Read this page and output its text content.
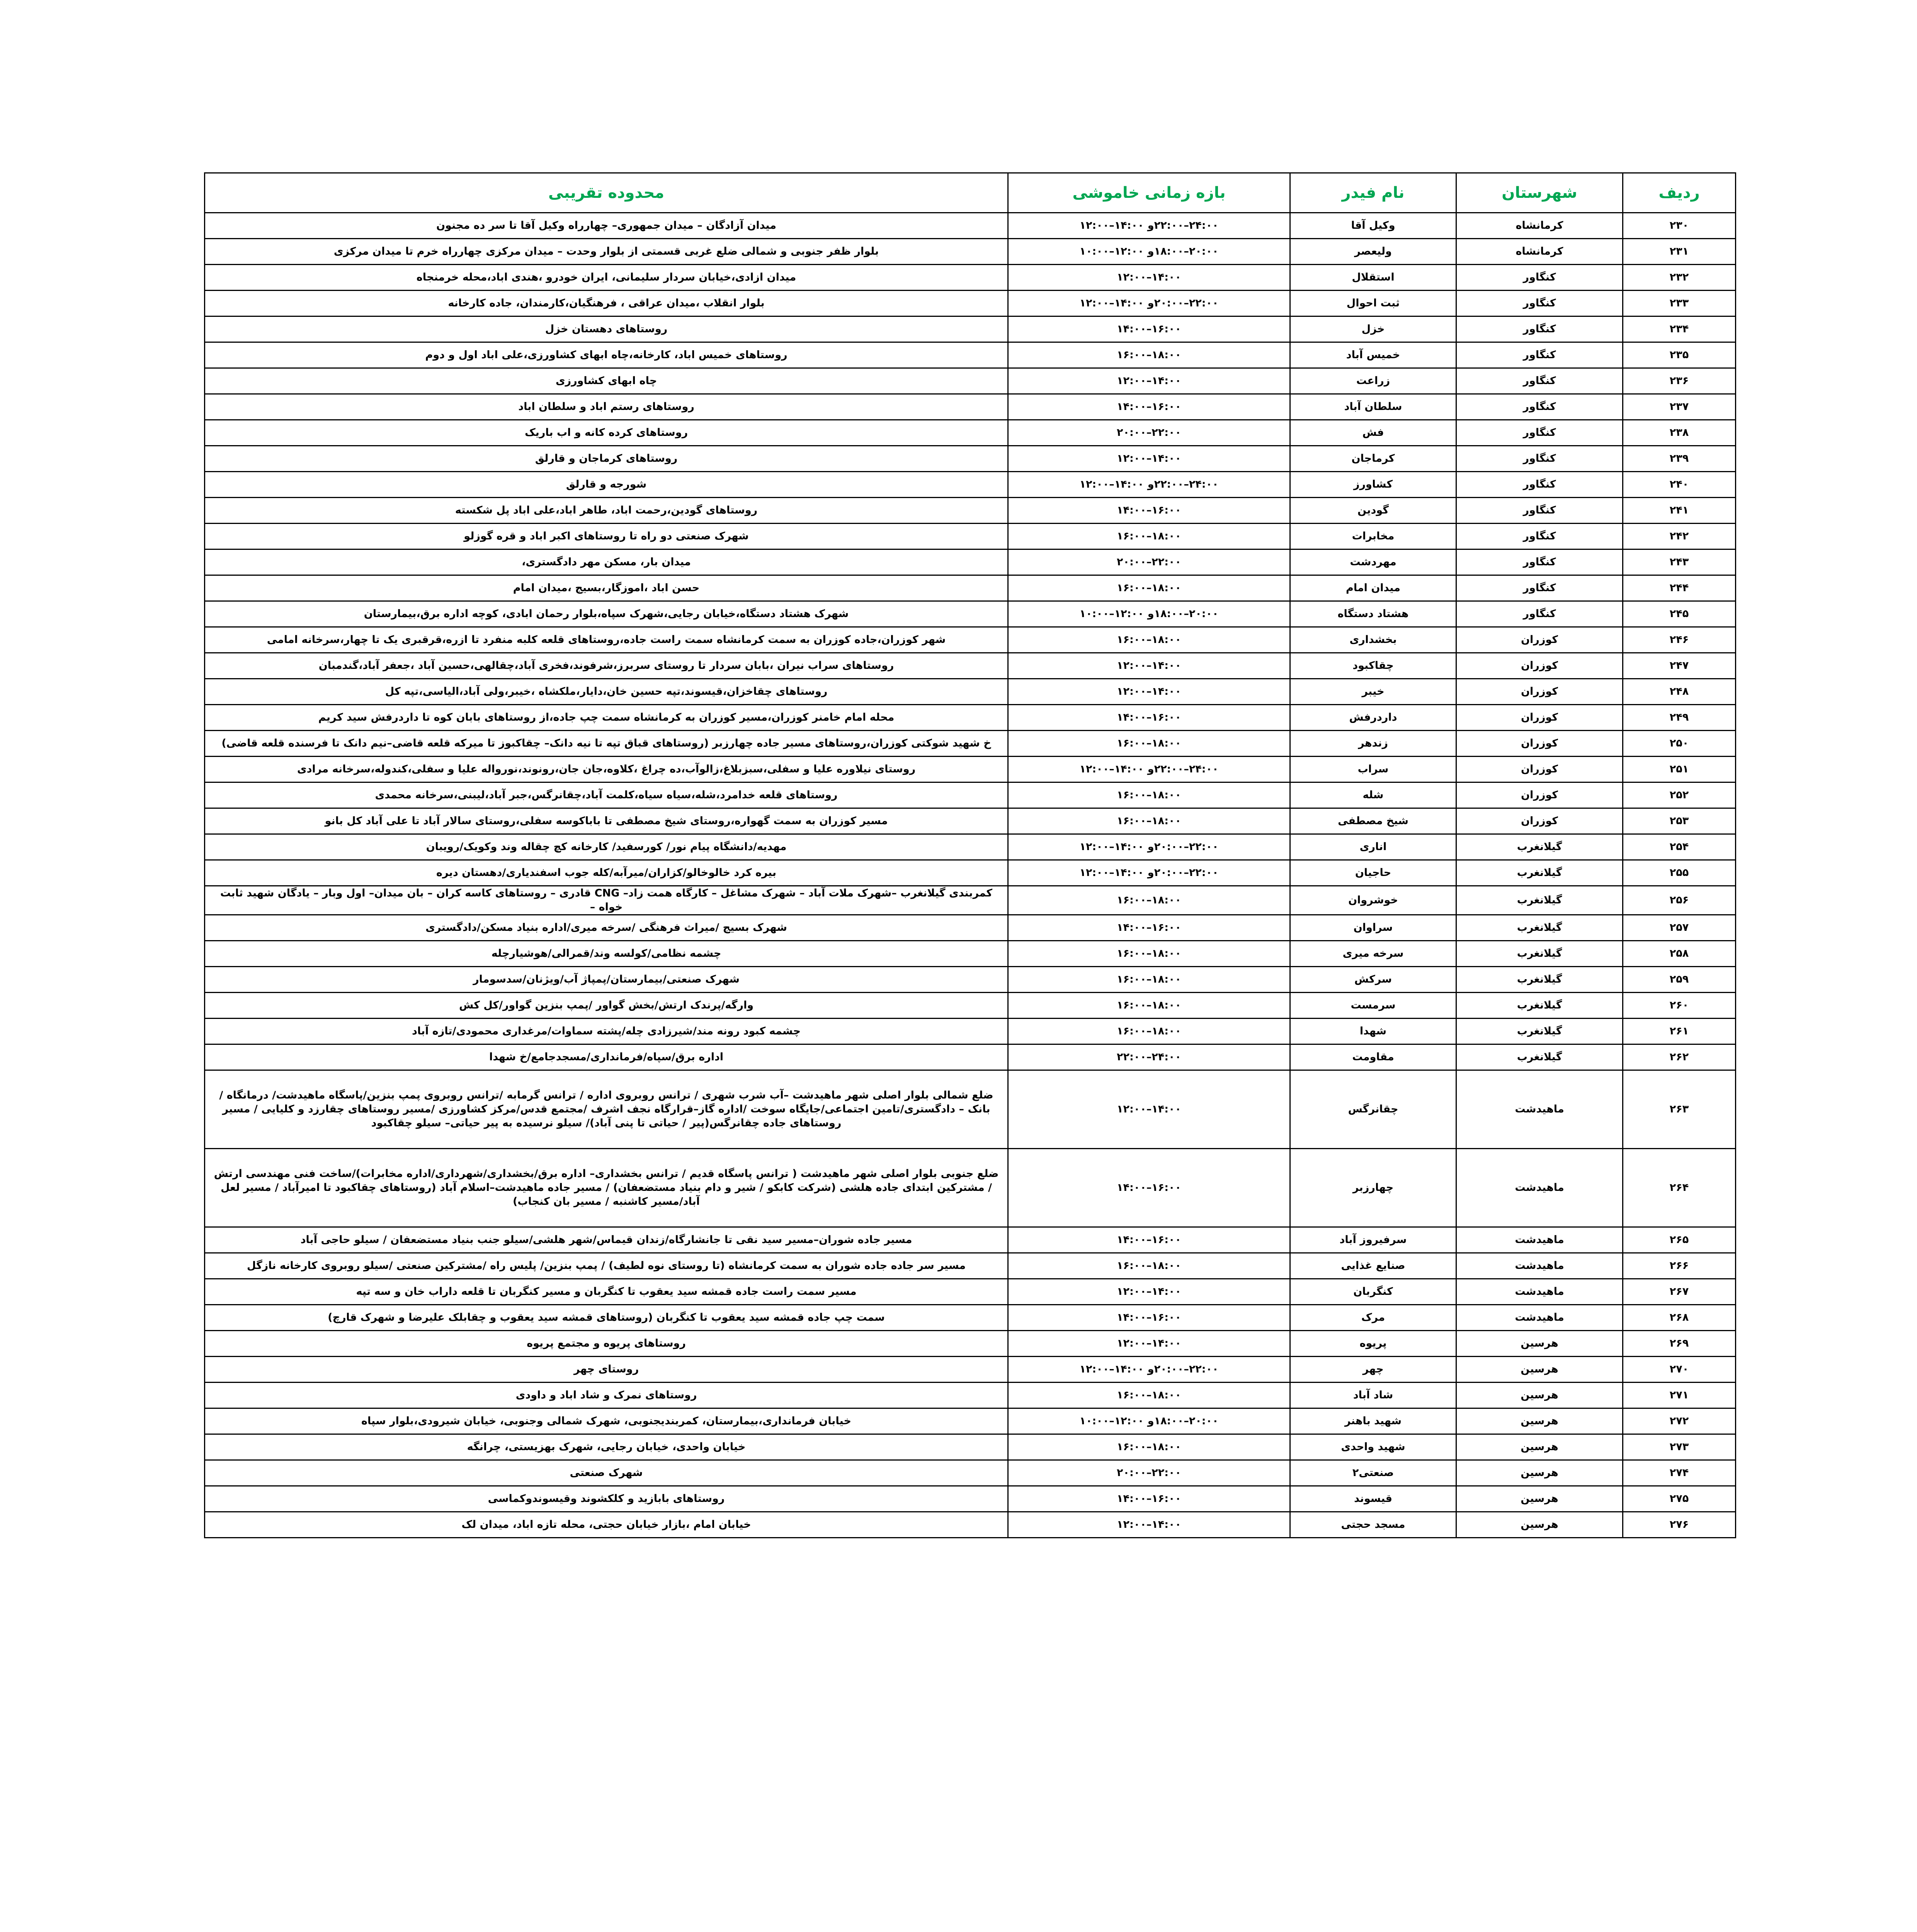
ردیف	شهرستان	نام فیدر	بازه زمانی خاموشی	محدوده تقریبی
۲۳۰	کرمانشاه	وکیل آقا	۲۴:۰۰–۲۲:۰۰و ۱۴:۰۰–۱۲:۰۰	میدان آزادگان – میدان جمهوری– چهارراه وکیل آقا تا سر ده مجنون
۲۳۱	کرمانشاه	ولیعصر	۲۰:۰۰–۱۸:۰۰و ۱۲:۰۰–۱۰:۰۰	بلوار ظفر جنوبی و شمالی ضلع غربی قسمتی از بلوار وحدت – میدان مرکزی چهارراه خرم تا میدان مرکزی
۲۳۲	کنگاور	استقلال	۱۴:۰۰–۱۲:۰۰	میدان ازادی،خیابان سردار سلیمانی، ایران خودرو ،هندی اباد،محله خرمنجاه
۲۳۳	کنگاور	ثبت احوال	۲۲:۰۰–۲۰:۰۰و ۱۴:۰۰–۱۲:۰۰	بلوار انقلاب ،میدان عراقی ، فرهنگیان،کارمندان، جاده کارخانه
۲۳۴	کنگاور	خزل	۱۶:۰۰–۱۴:۰۰	روستاهای دهستان خزل
۲۳۵	کنگاور	خمیس آباد	۱۸:۰۰–۱۶:۰۰	روستاهای خمیس اباد، کارخانه،چاه ابهای کشاورزی،علی اباد اول و دوم
۲۳۶	کنگاور	زراعت	۱۴:۰۰–۱۲:۰۰	چاه ابهای کشاورزی
۲۳۷	کنگاور	سلطان آباد	۱۶:۰۰–۱۴:۰۰	روستاهای رستم اباد و سلطان اباد
۲۳۸	کنگاور	فش	۲۲:۰۰–۲۰:۰۰	روستاهای کرده کانه و اب باریک
۲۳۹	کنگاور	کرماجان	۱۴:۰۰–۱۲:۰۰	روستاهای کرماجان و قارلق
۲۴۰	کنگاور	کشاورز	۲۴:۰۰–۲۲:۰۰و ۱۴:۰۰–۱۲:۰۰	شورجه و قارلق
۲۴۱	کنگاور	گودین	۱۶:۰۰–۱۴:۰۰	روستاهای گودین،رحمت اباد، طاهر اباد،علی اباد پل شکسته
۲۴۲	کنگاور	مخابرات	۱۸:۰۰–۱۶:۰۰	شهرک صنعتی دو راه تا روستاهای اکبر اباد و قره گوزلو
۲۴۳	کنگاور	مهردشت	۲۲:۰۰–۲۰:۰۰	میدان بار، مسکن مهر دادگستری،
۲۴۴	کنگاور	میدان امام	۱۸:۰۰–۱۶:۰۰	حسن اباد ،اموزگار،بسیج ،میدان امام
۲۴۵	کنگاور	هشتاد دستگاه	۲۰:۰۰–۱۸:۰۰و ۱۲:۰۰–۱۰:۰۰	شهرک هشتاد دستگاه،خیابان رجایی،شهرک سپاه،بلوار رحمان ابادی، کوچه اداره برق،بیمارستان
۲۴۶	کوزران	بخشداری	۱۸:۰۰–۱۶:۰۰	شهر کوزران،جاده کوزران به سمت کرمانشاه سمت راست جاده،روستاهای قلعه کلبه منفرد تا ازره،قرقبری یک تا چهار،سرخانه امامی
۲۴۷	کوزران	چقاکبود	۱۴:۰۰–۱۲:۰۰	روستاهای سراب نیران ،بابان سردار تا روستای سربرز،شرفوند،فخری آباد،چقالهی،حسین آباد ،جعفر آباد،گندمبان
۲۴۸	کوزران	خیبر	۱۴:۰۰–۱۲:۰۰	روستاهای چقاخزان،قیسوند،تپه حسین خان،دایار،ملکشاه ،خیبر،ولی آباد،الیاسی،تپه کل
۲۴۹	کوزران	داردرفش	۱۶:۰۰–۱۴:۰۰	محله امام خامنر کوزران،مسیر کوزران به کرمانشاه سمت چپ جاده،از روستاهای بابان کوه تا داردرفش سید کریم
۲۵۰	کوزران	زندهر	۱۸:۰۰–۱۶:۰۰	خ شهید شوکتی کوزران،روستاهای مسیر جاده چهارزبر (روستاهای قباق تپه تا نیه دانک– چقاکبوز تا میرکه قلعه قاضی–نیم دانک تا فرسنده قلعه قاضی)
۲۵۱	کوزران	سراب	۲۴:۰۰–۲۲:۰۰و ۱۴:۰۰–۱۲:۰۰	روستای نیلاوره علیا و سفلی،سبزبلاغ،زالوآب،ده چراغ ،کلاوه،جان جان،رونوند،نورواله علیا و سفلی،کندوله،سرخانه مرادی
۲۵۲	کوزران	شله	۱۸:۰۰–۱۶:۰۰	روستاهای قلعه خدامرد،شله،سیاه سیاه،کلمت آباد،چقانرگس،جبر آباد،لیبنی،سرخانه محمدی
۲۵۳	کوزران	شیخ مصطفی	۱۸:۰۰–۱۶:۰۰	مسیر کوزران به سمت گهواره،روستای شیخ مصطفی تا باباکوسه سفلی،روستای سالار آباد تا علی آباد کل بانو
۲۵۴	گیلانغرب	اناری	۲۲:۰۰–۲۰:۰۰و ۱۴:۰۰–۱۲:۰۰	مهدیه/دانشگاه پیام نور/ کورسفید/ کارخانه کچ چقاله وند وکویک/رویبان
۲۵۵	گیلانغرب	حاجیان	۲۲:۰۰–۲۰:۰۰و ۱۴:۰۰–۱۲:۰۰	بیره کرد خالوخالو/کزاران/میرآبه/کله جوب اسفندیاری/دهستان دیره
۲۵۶	گیلانغرب	خوشروان	۱۸:۰۰–۱۶:۰۰	کمربندی گیلانغرب –شهرک ملات آباد – شهرک مشاغل – کارگاه همت زاد– CNG قادری – روستاهای کاسه کران – بان میدان– اول وبار – یادگان شهید ثابت خواه –
۲۵۷	گیلانغرب	سراوان	۱۶:۰۰–۱۴:۰۰	شهرک بسیج /میراث فرهنگی /سرخه میری/اداره بنیاد مسکن/دادگستری
۲۵۸	گیلانغرب	سرخه میری	۱۸:۰۰–۱۶:۰۰	چشمه نظامی/کولسه وند/قمرالی/هوشیارچله
۲۵۹	گیلانغرب	سرکش	۱۸:۰۰–۱۶:۰۰	شهرک صنعتی/بیمارستان/پمپاژ آب/ویژنان/سدسومار
۲۶۰	گیلانغرب	سرمست	۱۸:۰۰–۱۶:۰۰	وارگه/پرندک ارتش/بخش گواور /پمپ بنزین گواور/کل کش
۲۶۱	گیلانغرب	شهدا	۱۸:۰۰–۱۶:۰۰	چشمه کبود رونه مند/شیرزادی چله/پشته سماوات/مرغداری محمودی/تازه آباد
۲۶۲	گیلانغرب	مقاومت	۲۴:۰۰–۲۲:۰۰	اداره برق/سپاه/فرمانداری/مسجدجامع/خ شهدا
۲۶۳	ماهیدشت	چقانرگس	۱۴:۰۰–۱۲:۰۰	ضلع شمالی بلوار اصلی شهر ماهیدشت –آب شرب شهری / ترانس روبروی اداره / ترانس گرمابه /ترانس روبروی پمپ بنزین/پاسگاه ماهیدشت/ درمانگاه /بانک – دادگستری/تامین اجتماعی/جایگاه سوخت /اداره گاز–قرارگاه نجف اشرف /مجتمع قدس/مرکز کشاورزی /مسیر روستاهای چقارزد و کلیایی / مسیر روستاهای جاده چقانرگس(پیر / حیاتی تا پنی آباد)/ سیلو نرسیده به پیر حیاتی– سیلو چقاکبود
۲۶۴	ماهیدشت	چهارزبر	۱۶:۰۰–۱۴:۰۰	ضلع جنوبی بلوار اصلی شهر ماهیدشت ( ترانس پاسگاه قدیم / ترانس بخشداری– اداره برق/بخشداری/شهرداری/اداره مخابرات)/ساخت فنی مهندسی ارتش / مشترکین ابتدای جاده هلشی (شرکت کابکو / شیر و دام بنیاد مستضعفان) / مسیر جاده ماهیدشت–اسلام آباد (روستاهای چقاکبود تا امیرآباد / مسیر لعل آباد/مسیر کاشنبه / مسیر بان کنجاب)
۲۶۵	ماهیدشت	سرفیروز آباد	۱۶:۰۰–۱۴:۰۰	مسیر جاده شوران–مسیر سید نقی تا جانشارگاه/زندان قیماس/شهر هلشی/سیلو جنب بنیاد مستضعفان / سیلو حاجی آباد
۲۶۶	ماهیدشت	صنایع غذایی	۱۸:۰۰–۱۶:۰۰	مسیر سر جاده جاده شوران به سمت کرمانشاه (تا روستای نوه لطیف) / پمپ بنزین/ پلیس راه /مشترکین صنعتی /سیلو روبروی کارخانه نازگل
۲۶۷	ماهیدشت	کنگربان	۱۴:۰۰–۱۲:۰۰	مسیر سمت راست جاده قمشه سید یعقوب تا کنگربان و مسیر کنگربان تا قلعه داراب خان و سه تپه
۲۶۸	ماهیدشت	مرک	۱۶:۰۰–۱۴:۰۰	سمت چپ جاده قمشه سید یعقوب تا کنگربان (روستاهای قمشه سید یعقوب و چقابلک علیرضا و شهرک قارچ)
۲۶۹	هرسین	پریوه	۱۴:۰۰–۱۲:۰۰	روستاهای پریوه و مجتمع پریوه
۲۷۰	هرسین	چهر	۲۲:۰۰–۲۰:۰۰و ۱۴:۰۰–۱۲:۰۰	روستای چهر
۲۷۱	هرسین	شاد آباد	۱۸:۰۰–۱۶:۰۰	روستاهای نمرک و شاد اباد و داودی
۲۷۲	هرسین	شهید باهنر	۲۰:۰۰–۱۸:۰۰و ۱۲:۰۰–۱۰:۰۰	خیابان فرمانداری،بیمارستان، کمربندیجنوبی، شهرک شمالی وجنوبی، خیابان شیرودی،بلوار سپاه
۲۷۳	هرسین	شهید واحدی	۱۸:۰۰–۱۶:۰۰	خیابان واحدی، خیابان رجایی، شهرک بهزیستی، چرانگه
۲۷۴	هرسین	صنعتی۲	۲۲:۰۰–۲۰:۰۰	شهرک صنعتی
۲۷۵	هرسین	قیسوند	۱۶:۰۰–۱۴:۰۰	روستاهای بابازید و کلکشوند وقیسوندوکماسی
۲۷۶	هرسین	مسجد حجتی	۱۴:۰۰–۱۲:۰۰	خیابان امام ،بازار خیابان حجتی، محله تازه اباد، میدان لک
